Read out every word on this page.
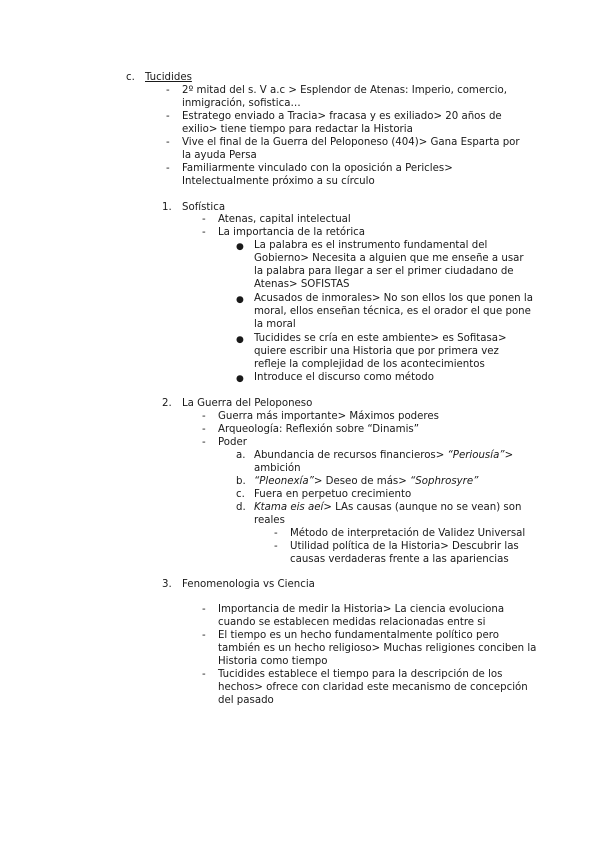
c. Tucidides
- 2º mitad del s. V a.c > Esplendor de Atenas: Imperio, comercio,
inmigración, sofistica…
- Estratego enviado a Tracia> fracasa y es exiliado> 20 años de
exilio> tiene tiempo para redactar la Historia
- Vive el final de la Guerra del Peloponeso (404)> Gana Esparta por
la ayuda Persa
- Familiarmente vinculado con la oposición a Pericles>
Intelectualmente próximo a su círculo
1. Sofística
- Atenas, capital intelectual
- La importancia de la retórica
● La palabra es el instrumento fundamental del
Gobierno> Necesita a alguien que me enseñe a usar
la palabra para llegar a ser el primer ciudadano de
Atenas> SOFISTAS
● Acusados de inmorales> No son ellos los que ponen la
moral, ellos enseñan técnica, es el orador el que pone
la moral
● Tucidides se cría en este ambiente> es Sofitasa>
quiere escribir una Historia que por primera vez
refleje la complejidad de los acontecimientos
● Introduce el discurso como método
2. La Guerra del Peloponeso
- Guerra más importante> Máximos poderes
- Arqueología: Reflexión sobre “Dinamis”
- Poder
a. Abundancia de recursos financieros> “Periousía”>
ambición
b. “Pleonexía”> Deseo de más> “Sophrosyre”
c. Fuera en perpetuo crecimiento
d. Ktama eis aeí> LAs causas (aunque no se vean) son
reales
- Método de interpretación de Validez Universal
- Utilidad política de la Historia> Descubrir las
causas verdaderas frente a las apariencias
3. Fenomenologia vs Ciencia
- Importancia de medir la Historia> La ciencia evoluciona
cuando se establecen medidas relacionadas entre si
- El tiempo es un hecho fundamentalmente político pero
también es un hecho religioso> Muchas religiones conciben la
Historia como tiempo
- Tucidides establece el tiempo para la descripción de los
hechos> ofrece con claridad este mecanismo de concepción
del pasado
